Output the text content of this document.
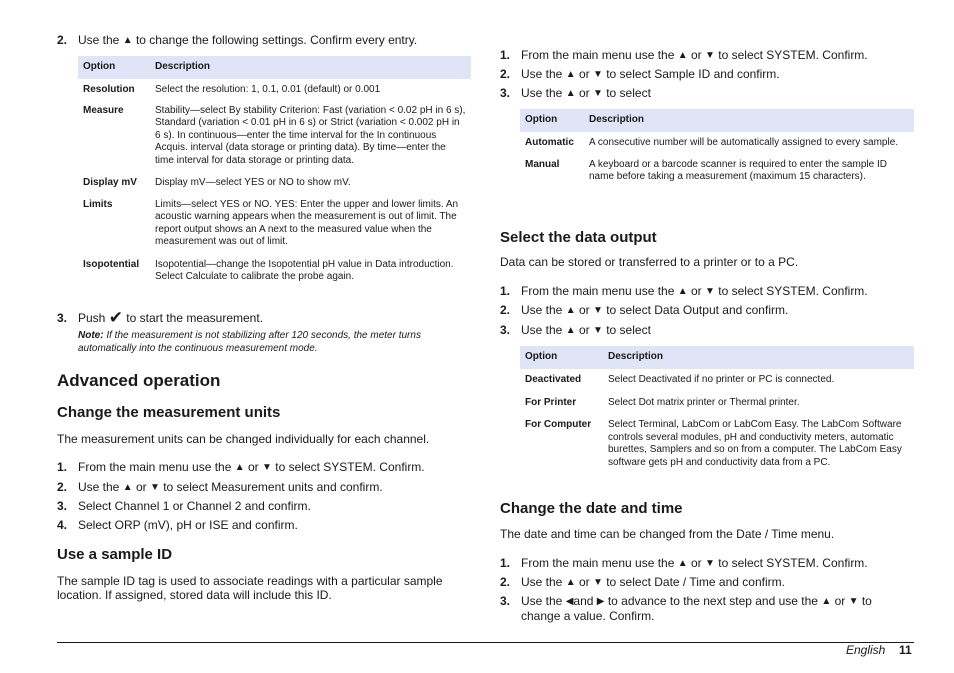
2. Use the ▲ to change the following settings. Confirm every entry.
Option	Description
Resolution	Select the resolution: 1, 0.1, 0.01 (default) or 0.001
Measure	Stability—select By stability Criterion: Fast (variation < 0.02 pH in 6 s), Standard (variation < 0.01 pH in 6 s) or Strict (variation < 0.002 pH in 6 s). In continuous—enter the time interval for the In continuous Acquis. interval (data storage or printing data). By time—enter the time interval for data storage or printing data.
Display mV	Display mV—select YES or NO to show mV.
Limits	Limits—select YES or NO. YES: Enter the upper and lower limits. An acoustic warning appears when the measurement is out of limit. The report output shows an A next to the measured value when the measurement was out of limit.
Isopotential	Isopotential—change the Isopotential pH value in Data introduction. Select Calculate to calibrate the probe again.
3. Push ✔ to start the measurement.
Note: If the measurement is not stabilizing after 120 seconds, the meter turns automatically into the continuous measurement mode.
Advanced operation
Change the measurement units
The measurement units can be changed individually for each channel.
1. From the main menu use the ▲ or ▼ to select SYSTEM. Confirm.
2. Use the ▲ or ▼ to select Measurement units and confirm.
3. Select Channel 1 or Channel 2 and confirm.
4. Select ORP (mV), pH or ISE and confirm.
Use a sample ID
The sample ID tag is used to associate readings with a particular sample location. If assigned, stored data will include this ID.
1. From the main menu use the ▲ or ▼ to select SYSTEM. Confirm.
2. Use the ▲ or ▼ to select Sample ID and confirm.
3. Use the ▲ or ▼ to select
Option	Description
Automatic	A consecutive number will be automatically assigned to every sample.
Manual	A keyboard or a barcode scanner is required to enter the sample ID name before taking a measurement (maximum 15 characters).
Select the data output
Data can be stored or transferred to a printer or to a PC.
1. From the main menu use the ▲ or ▼ to select SYSTEM. Confirm.
2. Use the ▲ or ▼ to select Data Output and confirm.
3. Use the ▲ or ▼ to select
Option	Description
Deactivated	Select Deactivated if no printer or PC is connected.
For Printer	Select Dot matrix printer or Thermal printer.
For Computer	Select Terminal, LabCom or LabCom Easy. The LabCom Software controls several modules, pH and conductivity meters, automatic burettes, Samplers and so on from a computer. The LabCom Easy software gets pH and conductivity data from a PC.
Change the date and time
The date and time can be changed from the Date / Time menu.
1. From the main menu use the ▲ or ▼ to select SYSTEM. Confirm.
2. Use the ▲ or ▼ to select Date / Time and confirm.
3. Use the ◀and ▶ to advance to the next step and use the ▲ or ▼ to change a value. Confirm.
English 11
